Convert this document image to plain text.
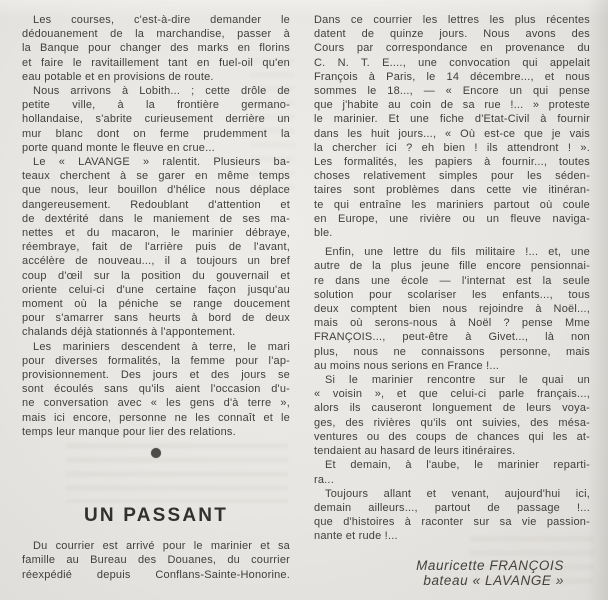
Les courses, c'est-à-dire demander le
dédouanement de la marchandise, passer à
la Banque pour changer des marks en florins
et faire le ravitaillement tant en fuel-oil qu'en
eau potable et en provisions de route.
Nous arrivons à Lobith... ; cette drôle de
petite ville, à la frontière germano-
hollandaise, s'abrite curieusement derrière un
mur blanc dont on ferme prudemment la
porte quand monte le fleuve en crue...
Le « LAVANGE » ralentit. Plusieurs ba-
teaux cherchent à se garer en même temps
que nous, leur bouillon d'hélice nous déplace
dangereusement. Redoublant d'attention et
de dextérité dans le maniement de ses ma-
nettes et du macaron, le marinier débraye,
réembraye, fait de l'arrière puis de l'avant,
accélère de nouveau..., il a toujours un bref
coup d'œil sur la position du gouvernail et
oriente celui-ci d'une certaine façon jusqu'au
moment où la péniche se range doucement
pour s'amarrer sans heurts à bord de deux
chalands déjà stationnés à l'appontement.
Les mariniers descendent à terre, le mari
pour diverses formalités, la femme pour l'ap-
provisionnement. Des jours et des jours se
sont écoulés sans qu'ils aient l'occasion d'u-
ne conversation avec « les gens d'à terre »,
mais ici encore, personne ne les connaît et le
temps leur manque pour lier des relations.
UN PASSANT
Du courrier est arrivé pour le marinier et sa
famille au Bureau des Douanes, du courrier
réexpédié depuis Conflans-Sainte-Honorine.
Dans ce courrier les lettres les plus récentes
datent de quinze jours. Nous avons des
Cours par correspondance en provenance du
C. N. T. E...., une convocation qui appelait
François à Paris, le 14 décembre..., et nous
sommes le 18..., — « Encore un qui pense
que j'habite au coin de sa rue !... » proteste
le marinier. Et une fiche d'Etat-Civil à fournir
dans les huit jours..., « Où est-ce que je vais
la chercher ici ? eh bien ! ils attendront ! ».
Les formalités, les papiers à fournir..., toutes
choses relativement simples pour les séden-
taires sont problèmes dans cette vie itinéran-
te qui entraîne les mariniers partout où coule
en Europe, une rivière ou un fleuve naviga-
ble.
Enfin, une lettre du fils militaire !... et, une
autre de la plus jeune fille encore pensionnai-
re dans une école — l'internat est la seule
solution pour scolariser les enfants..., tous
deux comptent bien nous rejoindre à Noël...,
mais où serons-nous à Noël ? pense Mme
FRANÇOIS..., peut-être à Givet..., là non
plus, nous ne connaissons personne, mais
au moins nous serions en France !...
Si le marinier rencontre sur le quai un
« voisin », et que celui-ci parle français...,
alors ils causeront longuement de leurs voya-
ges, des rivières qu'ils ont suivies, des mésa-
ventures ou des coups de chances qui les at-
tendaient au hasard de leurs itinéraires.
Et demain, à l'aube, le marinier reparti-
ra...
Toujours allant et venant, aujourd'hui ici,
demain ailleurs..., partout de passage !...
que d'histoires à raconter sur sa vie passion-
nante et rude !...
Mauricette FRANÇOIS
bateau « LAVANGE »
